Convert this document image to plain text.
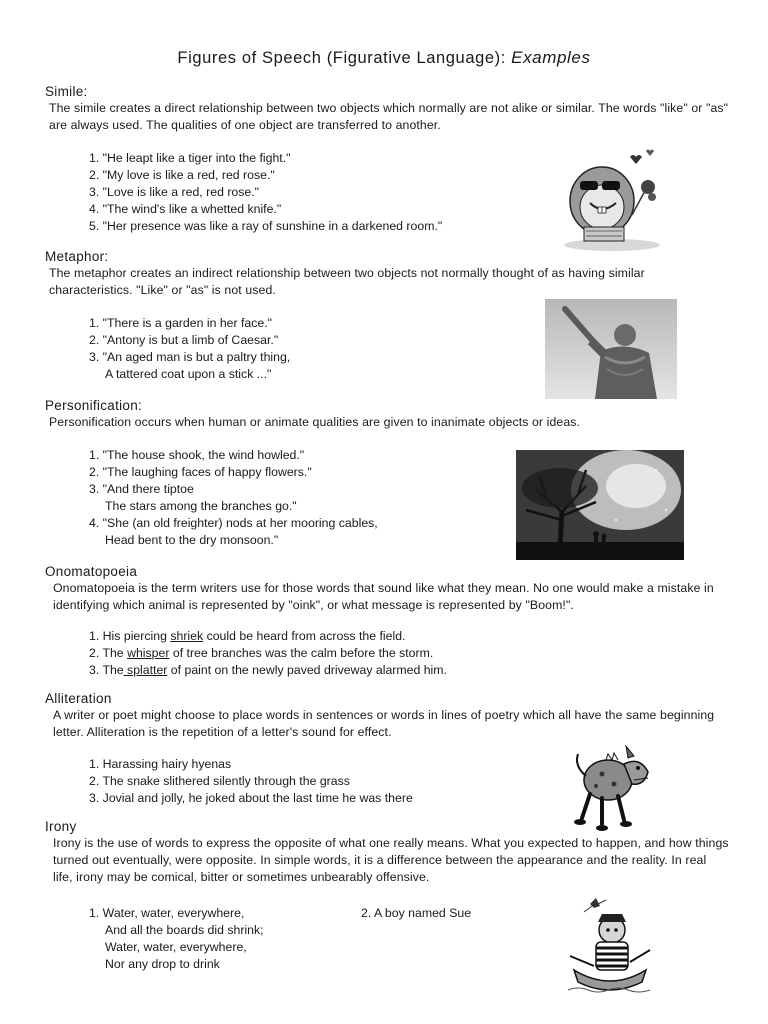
Figures of Speech (Figurative Language): Examples
Simile:
The simile creates a direct relationship between two objects which normally are not alike or similar. The words "like" or "as" are always used. The qualities of one object are transferred to another.
1. "He leapt like a tiger into the fight."
2. "My love is like a red, red rose."
3. "Love is like a red, red rose."
4. "The wind's like a whetted knife."
5. "Her presence was like a ray of sunshine in a darkened room."
Metaphor:
The metaphor creates an indirect relationship between two objects not normally thought of as having similar characteristics. "Like" or "as" is not used.
1. "There is a garden in her face."
2. "Antony is but a limb of Caesar."
3. "An aged man is but a paltry thing,
A tattered coat upon a stick ..."
Personification:
Personification occurs when human or animate qualities are given to inanimate objects or ideas.
1. "The house shook, the wind howled."
2. "The laughing faces of happy flowers."
3. "And there tiptoe
The stars among the branches go."
4. "She (an old freighter) nods at her mooring cables,
Head bent to the dry monsoon."
Onomatopoeia
Onomatopoeia is the term writers use for those words that sound like what they mean. No one would make a mistake in identifying which animal is represented by "oink", or what message is represented by "Boom!".
1. His piercing shriek could be heard from across the field.
2. The whisper of tree branches was the calm before the storm.
3. The splatter of paint on the newly paved driveway alarmed him.
Alliteration
A writer or poet might choose to place words in sentences or words in lines of poetry which all have the same beginning letter. Alliteration is the repetition of a letter's sound for effect.
1. Harassing hairy hyenas
2. The snake slithered silently through the grass
3. Jovial and jolly, he joked about the last time he was there
Irony
Irony is the use of words to express the opposite of what one really means. What you expected to happen, and how things turned out eventually, were opposite. In simple words, it is a difference between the appearance and the reality. In real life, irony may be comical, bitter or sometimes unbearably offensive.
1. Water, water, everywhere,
And all the boards did shrink;
Water, water, everywhere,
Nor any drop to drink
2. A boy named Sue
